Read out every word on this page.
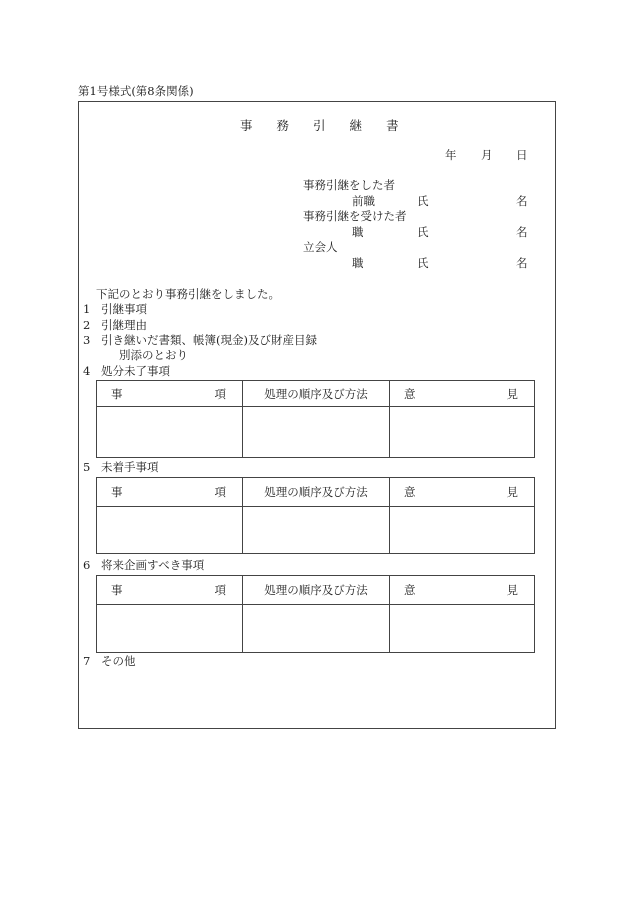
第1号様式(第8条関係)
事 務 引 継 書
年 月 日
事務引継をした者
前職	氏	名
事務引継を受けた者
職	氏	名
立会人
職	氏	名
下記のとおり事務引継をしました。
1 引継事項
2 引継理由
3 引き継いだ書類、帳簿(現金)及び財産目録
別添のとおり
4 処分未了事項
事 項	処理の順序及び方法	意 見

5 未着手事項
事 項	処理の順序及び方法	意 見

6 将来企画すべき事項
事 項	処理の順序及び方法	意 見

7 その他
